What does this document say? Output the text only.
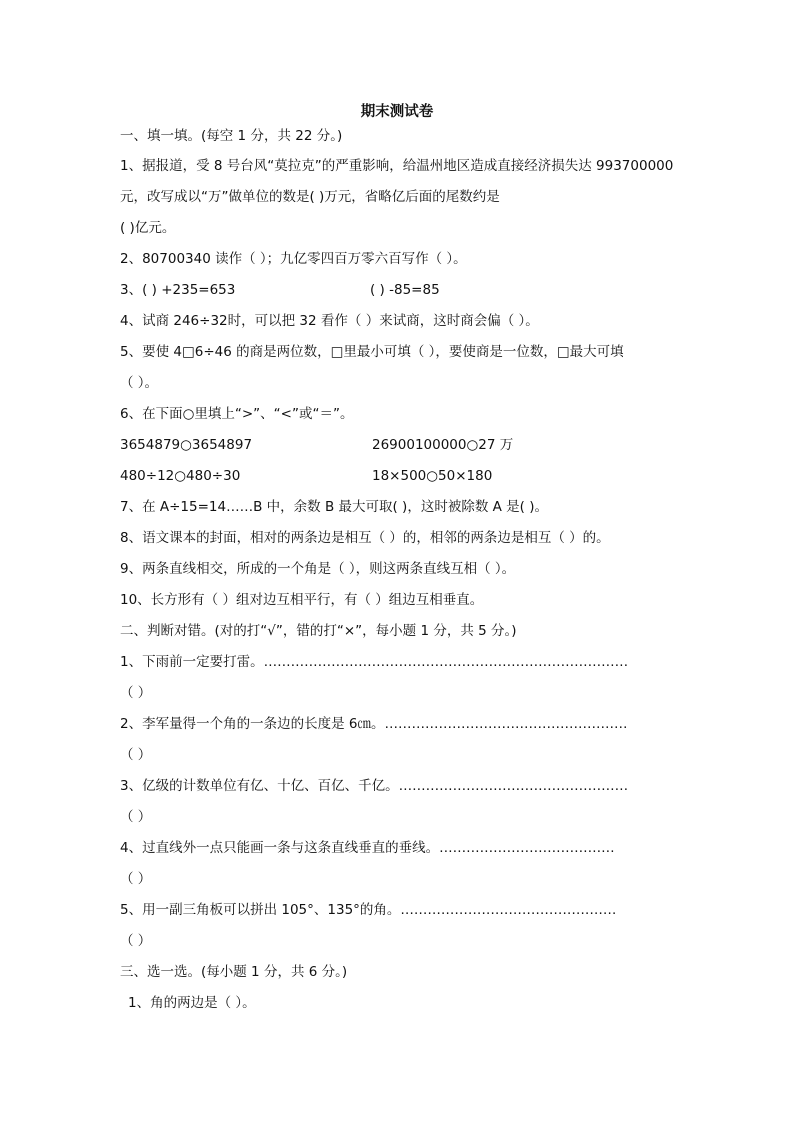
期末测试卷
一、填一填。(每空 1 分，共 22 分。)
1、据报道，受 8 号台风“莫拉克”的严重影响，给温州地区造成直接经济损失达 993700000
元，改写成以“万”做单位的数是( )万元，省略亿后面的尾数约是
( )亿元。
2、80700340 读作（ ）；九亿零四百万零六百写作（ ）。
3、( ) +235=653	( ) -85=85
4、试商 246÷32时，可以把 32 看作（ ）来试商，这时商会偏（ ）。
5、要使 4□6÷46 的商是两位数，□里最小可填（ ），要使商是一位数，□最大可填
（ ）。
6、在下面○里填上“>”、“<”或“＝”。
3654879○3654897	26900100000○27 万
480÷12○480÷30	18×500○50×180
7、在 A÷15=14……B 中，余数 B 最大可取( )，这时被除数 A 是( )。
8、语文课本的封面，相对的两条边是相互（ ）的，相邻的两条边是相互（ ）的。
9、两条直线相交，所成的一个角是（ ），则这两条直线互相（ ）。
10、长方形有（ ）组对边互相平行，有（ ）组边互相垂直。
二、判断对错。(对的打“√”，错的打“×”，每小题 1 分，共 5 分。)
1、下雨前一定要打雷。………………………………………………………………………
（ ）
2、李军量得一个角的一条边的长度是 6㎝。………………………………………………
（ ）
3、亿级的计数单位有亿、十亿、百亿、千亿。……………………………………………
（ ）
4、过直线外一点只能画一条与这条直线垂直的垂线。…………………………………
（ ）
5、用一副三角板可以拼出 105°、135°的角。…………………………………………
（ ）
三、选一选。(每小题 1 分，共 6 分。)
1、角的两边是（ ）。
